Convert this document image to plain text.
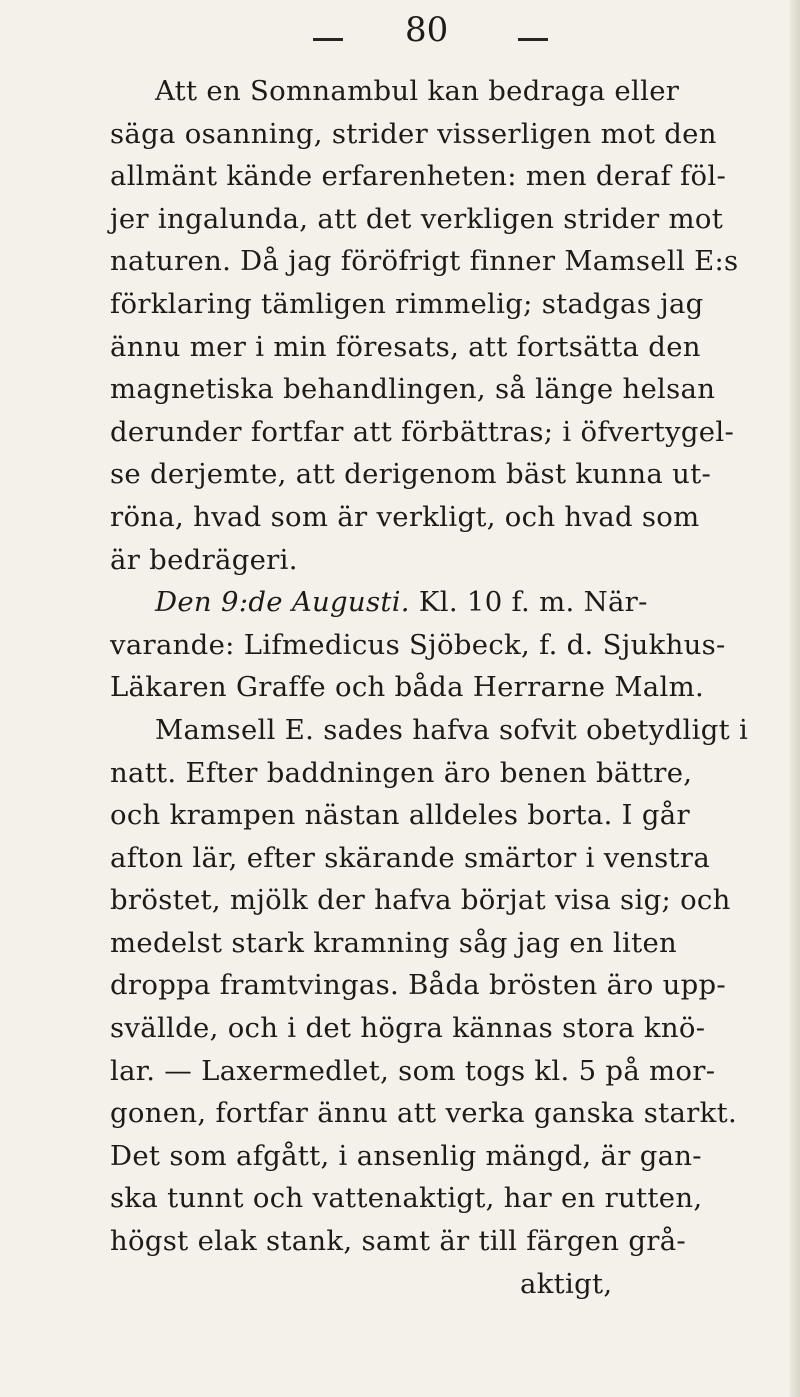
80
Att en Somnambul kan bedraga eller
säga osanning, strider visserligen mot den
allmänt kände erfarenheten: men deraf föl-
jer ingalunda, att det verkligen strider mot
naturen. Då jag föröfrigt finner Mamsell E:s
förklaring tämligen rimmelig; stadgas jag
ännu mer i min föresats, att fortsätta den
magnetiska behandlingen, så länge helsan
derunder fortfar att förbättras; i öfvertygel-
se derjemte, att derigenom bäst kunna ut-
röna, hvad som är verkligt, och hvad som
är bedrägeri.
Den 9:de Augusti. Kl. 10 f. m. När-
varande: Lifmedicus Sjöbeck, f. d. Sjukhus-
Läkaren Graffe och båda Herrarne Malm.
Mamsell E. sades hafva sofvit obetydligt i
natt. Efter baddningen äro benen bättre,
och krampen nästan alldeles borta. I går
afton lär, efter skärande smärtor i venstra
bröstet, mjölk der hafva börjat visa sig; och
medelst stark kramning såg jag en liten
droppa framtvingas. Båda brösten äro upp-
svällde, och i det högra kännas stora knö-
lar. — Laxermedlet, som togs kl. 5 på mor-
gonen, fortfar ännu att verka ganska starkt.
Det som afgått, i ansenlig mängd, är gan-
ska tunnt och vattenaktigt, har en rutten,
högst elak stank, samt är till färgen grå-
aktigt,
